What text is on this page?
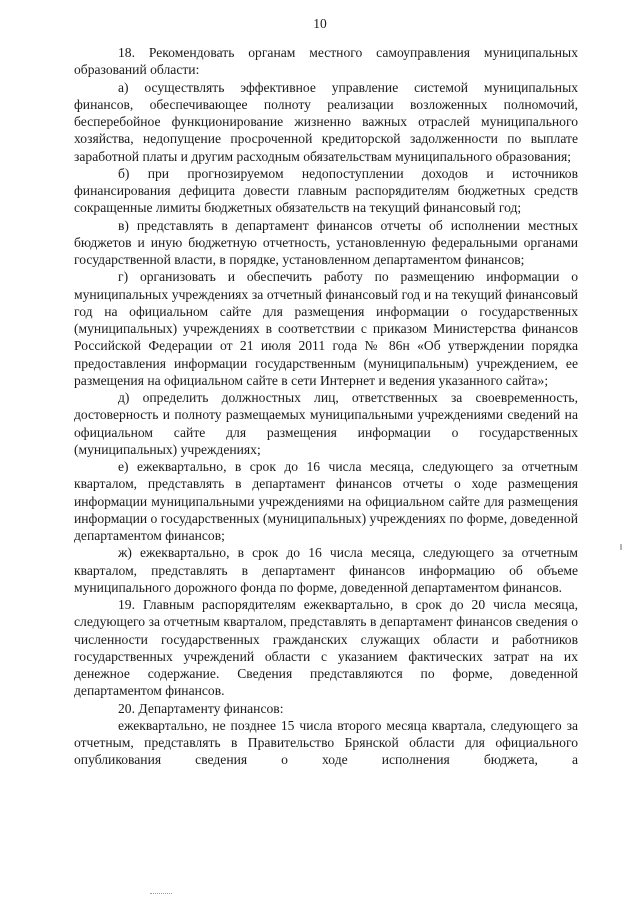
10

18. Рекомендовать органам местного самоуправления муниципальных образований области:

а) осуществлять эффективное управление системой муниципальных финансов, обеспечивающее полноту реализации возложенных полномочий, бесперебойное функционирование жизненно важных отраслей муниципального хозяйства, недопущение просроченной кредиторской задолженности по выплате заработной платы и другим расходным обязательствам муниципального образования;

б) при прогнозируемом недопоступлении доходов и источников финансирования дефицита довести главным распорядителям бюджетных средств сокращенные лимиты бюджетных обязательств на текущий финансовый год;

в) представлять в департамент финансов отчеты об исполнении местных бюджетов и иную бюджетную отчетность, установленную федеральными органами государственной власти, в порядке, установленном департаментом финансов;

г) организовать и обеспечить работу по размещению информации о муниципальных учреждениях за отчетный финансовый год и на текущий финансовый год на официальном сайте для размещения информации о государственных (муниципальных) учреждениях в соответствии с приказом Министерства финансов Российской Федерации от 21 июля 2011 года № 86н «Об утверждении порядка предоставления информации государственным (муниципальным) учреждением, ее размещения на официальном сайте в сети Интернет и ведения указанного сайта»;

д) определить должностных лиц, ответственных за своевременность, достоверность и полноту размещаемых муниципальными учреждениями сведений на официальном сайте для размещения информации о государственных (муниципальных) учреждениях;

е) ежеквартально, в срок до 16 числа месяца, следующего за отчетным кварталом, представлять в департамент финансов отчеты о ходе размещения информации муниципальными учреждениями на официальном сайте для размещения информации о государственных (муниципальных) учреждениях по форме, доведенной департаментом финансов;

ж) ежеквартально, в срок до 16 числа месяца, следующего за отчетным кварталом, представлять в департамент финансов информацию об объеме муниципального дорожного фонда по форме, доведенной департаментом финансов.

19. Главным распорядителям ежеквартально, в срок до 20 числа месяца, следующего за отчетным кварталом, представлять в департамент финансов сведения о численности государственных гражданских служащих области и работников государственных учреждений области с указанием фактических затрат на их денежное содержание. Сведения представляются по форме, доведенной департаментом финансов.

20. Департаменту финансов:

ежеквартально, не позднее 15 числа второго месяца квартала, следующего за отчетным, представлять в Правительство Брянской области для официального опубликования сведения о ходе исполнения бюджета, а
